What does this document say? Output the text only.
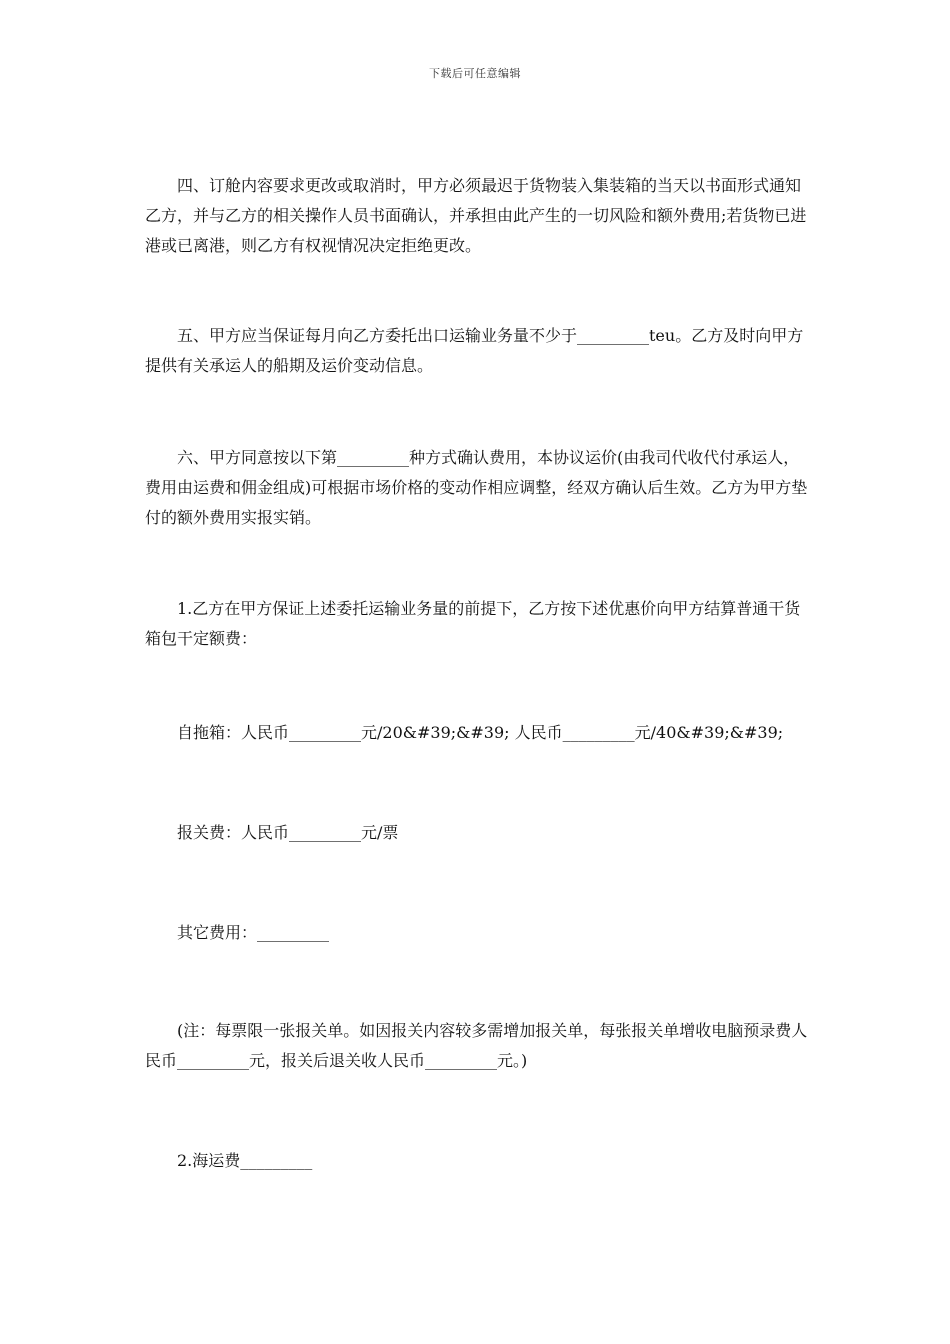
下载后可任意编辑

四、订舱内容要求更改或取消时，甲方必须最迟于货物装入集装箱的当天以书面形式通知乙方，并与乙方的相关操作人员书面确认，并承担由此产生的一切风险和额外费用;若货物已进港或已离港，则乙方有权视情况决定拒绝更改。

五、甲方应当保证每月向乙方委托出口运输业务量不少于_________teu。乙方及时向甲方提供有关承运人的船期及运价变动信息。

六、甲方同意按以下第_________种方式确认费用，本协议运价(由我司代收代付承运人，费用由运费和佣金组成)可根据市场价格的变动作相应调整，经双方确认后生效。乙方为甲方垫付的额外费用实报实销。

1.乙方在甲方保证上述委托运输业务量的前提下，乙方按下述优惠价向甲方结算普通干货箱包干定额费：

自拖箱：人民币_________元/20&#39;&#39; 人民币_________元/40&#39;&#39;

报关费：人民币_________元/票

其它费用：_________

(注：每票限一张报关单。如因报关内容较多需增加报关单，每张报关单增收电脑预录费人民币_________元，报关后退关收人民币_________元。)

2.海运费_________
